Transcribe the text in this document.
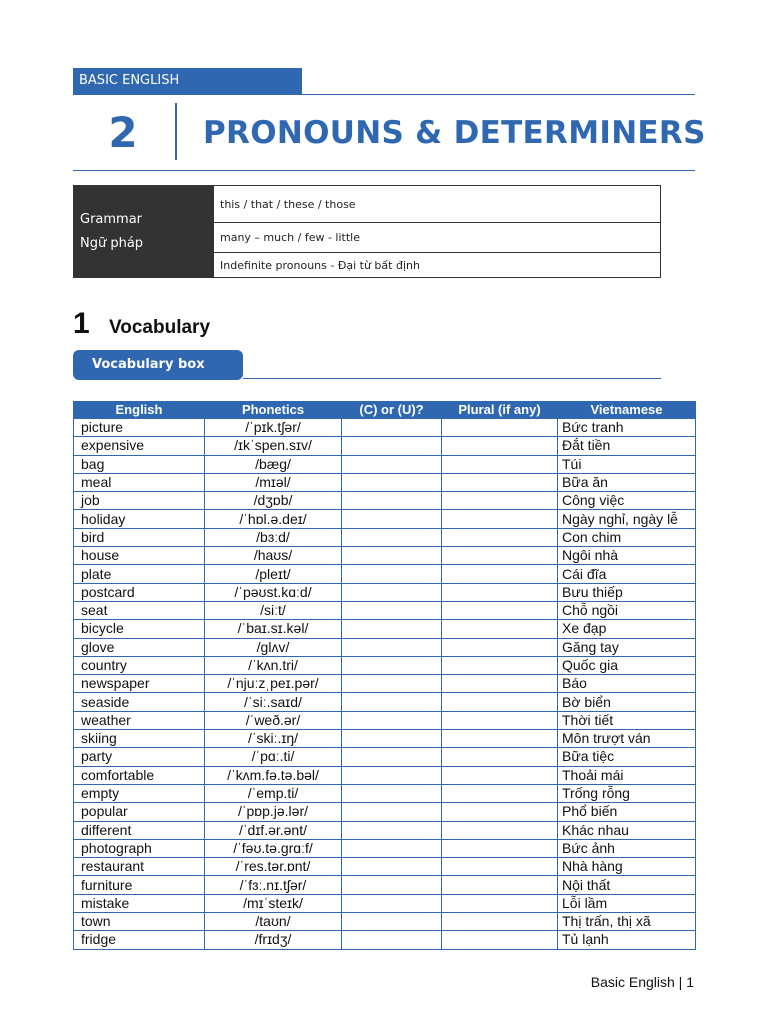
BASIC ENGLISH
2 PRONOUNS & DETERMINERS
Grammar
Ngữ pháp
	this / that / these / those
many – much / few - little
Indefinite pronouns - Đại từ bất định
1 Vocabulary
Vocabulary box
English	Phonetics	(C) or (U)?	Plural (if any)	Vietnamese
picture	/ˈpɪk.tʃər/			Bức tranh
expensive	/ɪkˈspen.sɪv/			Đắt tiền
bag	/bæɡ/			Túi
meal	/mɪəl/			Bữa ăn
job	/dʒɒb/			Công việc
holiday	/ˈhɒl.ə.deɪ/			Ngày nghỉ, ngày lễ
bird	/bɜːd/			Con chim
house	/haʊs/			Ngôi nhà
plate	/pleɪt/			Cái đĩa
postcard	/ˈpəʊst.kɑːd/			Bưu thiếp
seat	/siːt/			Chỗ ngồi
bicycle	/ˈbaɪ.sɪ.kəl/			Xe đạp
glove	/ɡlʌv/			Găng tay
country	/ˈkʌn.tri/			Quốc gia
newspaper	/ˈnjuːzˌpeɪ.pər/			Báo
seaside	/ˈsiː.saɪd/			Bờ biển
weather	/ˈweð.ər/			Thời tiết
skiing	/ˈskiː.ɪŋ/			Môn trượt ván
party	/ˈpɑː.ti/			Bữa tiệc
comfortable	/ˈkʌm.fə.tə.bəl/			Thoải mái
empty	/ˈemp.ti/			Trống rỗng
popular	/ˈpɒp.jə.lər/			Phổ biến
different	/ˈdɪf.ər.ənt/			Khác nhau
photograph	/ˈfəʊ.tə.ɡrɑːf/			Bức ảnh
restaurant	/ˈres.tər.ɒnt/			Nhà hàng
furniture	/ˈfɜː.nɪ.tʃər/			Nội thất
mistake	/mɪˈsteɪk/			Lỗi lầm
town	/taʊn/			Thị trấn, thị xã
fridge	/frɪdʒ/			Tủ lạnh
Basic English | 1
